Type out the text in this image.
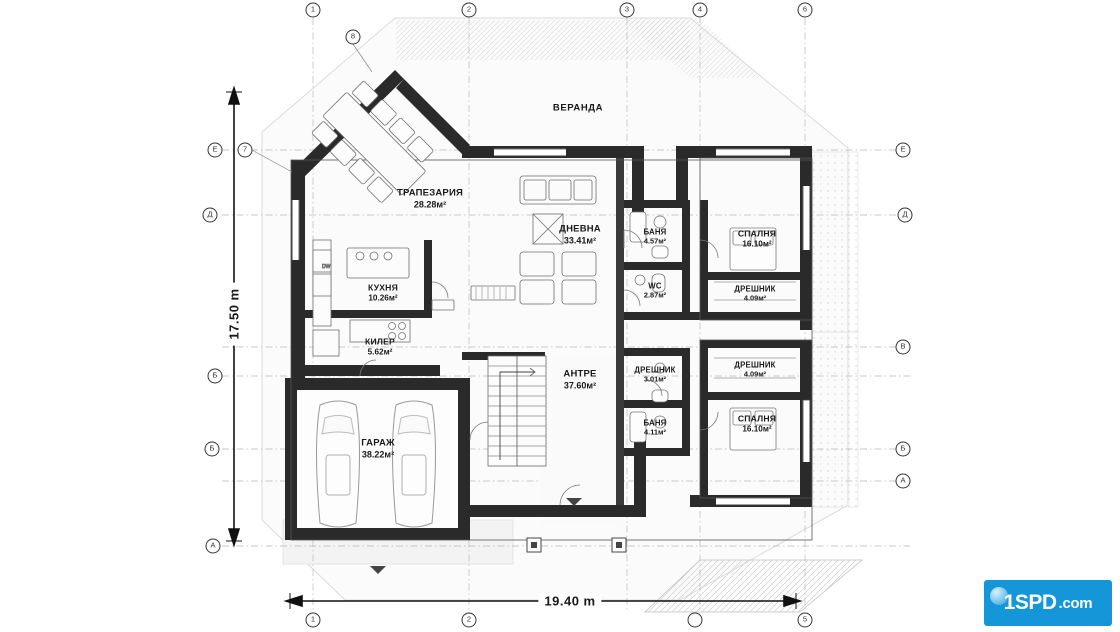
DW
ВЕРАНДА
ТРАПЕЗАРИЯ
28.28м²
ДНЕВНА
33.41м²
КУХНЯ
10.26м²
КИЛЕР
5.62м²
ГАРАЖ
38.22м²
АНТРЕ
37.60м²
БАНЯ
4.57м²
WC
2.87м²
СПАЛНЯ
16.10м²
ДРЕШНИК
4.09м²
ДРЕШНИК
3.01м²
БАНЯ
4.11м²
ДРЕШНИК
4.09м²
СПАЛНЯ
16.10м²
17.50 m
19.40 m
1	2	3	4	6
8
7
E
Д
Б
Б
A
E
Д
В
Б
A
1	2	5
1SPD .com
